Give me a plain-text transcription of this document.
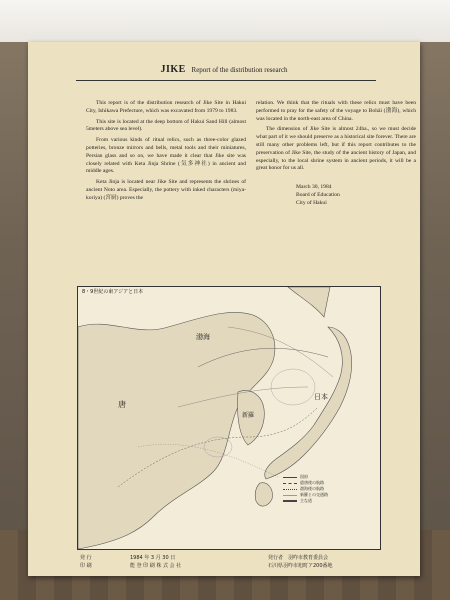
JIKE Report of the distribution research

This report is of the distribution research of Jike Site in Hakui City, Ishikawa Prefecture, which was excavated from 1979 to 1983.

This site is located at the deep bottom of Hakui Sand Hill (almost 5meters above sea level).

From various kinds of ritual relics, such as three-color glazed potteries, bronze mirrors and bells, metal tools and their miniatures, Persian glass and so on, we have made it clear that Jike site was closely related with Keta Jinja Shrine (気多神社) in ancient and middle ages.

Keta Jinja is located near Jike Site and represents the shrines of ancient Noto area. Especially, the pottery with inked characters (miya-koriya) (宮厨) proves the

relation. We think that the rituals with these relics must have been performed to pray for the safety of the voyage to Bohāi (渤海), which was located in the north-east area of China.

The dimension of Jike Site is almost 24ha., so we must decide what part of it we should preserve as a historical site forever. There are still many other problems left, but if this report contributes to the preservation of Jike Site, the study of the ancient history of Japan, and especially, to the local shrine system in ancient periods, it will be a great honor for us all.

March 30, 1984
Board of Education
City of Hakui
渤海
唐
新羅
日本
8・9世紀の東アジアと日本
国府
遣唐使の航路
渤海使の航路
新羅との交通路
主な道
発 行	1984 年 3 月 30 日
印 刷	能 登 印 刷 株 式 会 社
発行者　羽咋市教育委員会
石川県羽咋市旭町ア200番地
